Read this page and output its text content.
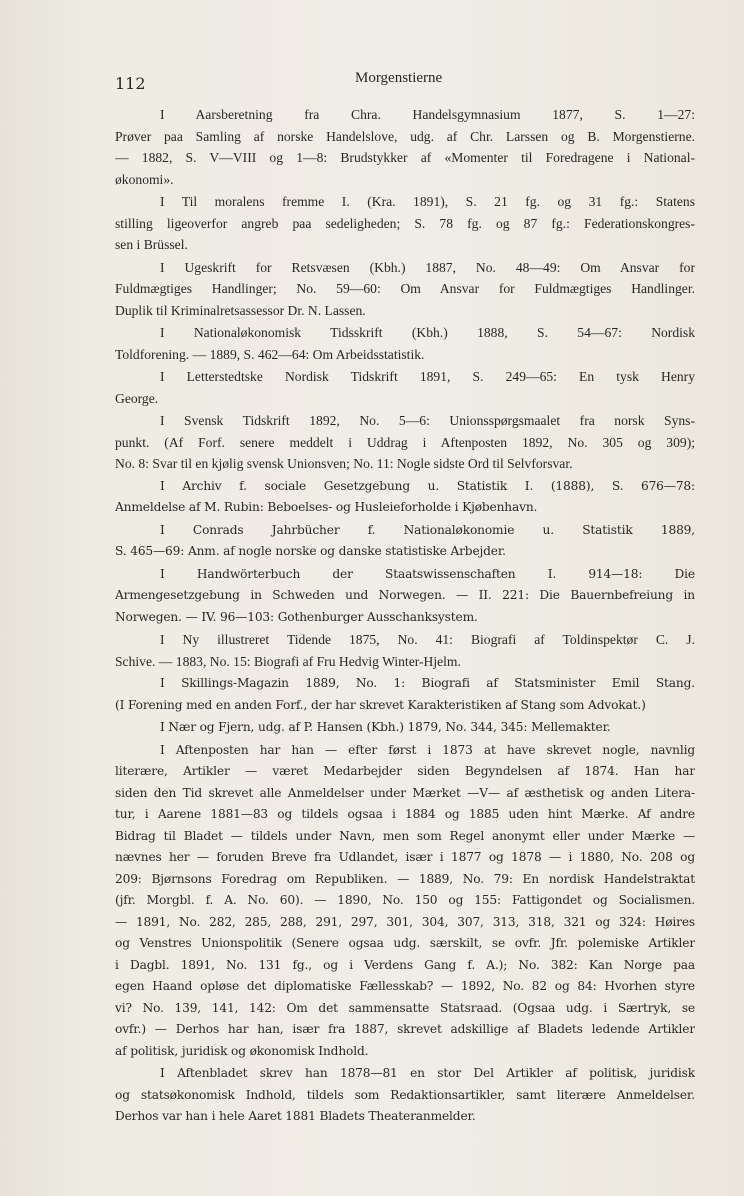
112	Morgenstierne
I Aarsberetning fra Chra. Handelsgymnasium 1877, S. 1—27:
Prøver paa Samling af norske Handelslove, udg. af Chr. Larssen og B. Morgenstierne.
— 1882, S. V—VIII og 1—8: Brudstykker af «Momenter til Foredragene i National-
økonomi».
I Til moralens fremme I. (Kra. 1891), S. 21 fg. og 31 fg.: Statens
stilling ligeoverfor angreb paa sedeligheden; S. 78 fg. og 87 fg.: Federationskongres-
sen i Brüssel.
I Ugeskrift for Retsvæsen (Kbh.) 1887, No. 48—49: Om Ansvar for
Fuldmægtiges Handlinger; No. 59—60: Om Ansvar for Fuldmægtiges Handlinger.
Duplik til Kriminalretsassessor Dr. N. Lassen.
I Nationaløkonomisk Tidsskrift (Kbh.) 1888, S. 54—67: Nordisk
Toldforening. — 1889, S. 462—64: Om Arbeidsstatistik.
I Letterstedtske Nordisk Tidskrift 1891, S. 249—65: En tysk Henry
George.
I Svensk Tidskrift 1892, No. 5—6: Unionsspørgsmaalet fra norsk Syns-
punkt. (Af Forf. senere meddelt i Uddrag i Aftenposten 1892, No. 305 og 309);
No. 8: Svar til en kjølig svensk Unionsven; No. 11: Nogle sidste Ord til Selvforsvar.
I Archiv f. sociale Gesetzgebung u. Statistik I. (1888), S. 676—78:
Anmeldelse af M. Rubin: Beboelses- og Husleieforholde i Kjøbenhavn.
I Conrads Jahrbücher f. Nationaløkonomie u. Statistik 1889,
S. 465—69: Anm. af nogle norske og danske statistiske Arbejder.
I Handwörterbuch der Staatswissenschaften I. 914—18: Die
Armengesetzgebung in Schweden und Norwegen. — II. 221: Die Bauernbefreiung in
Norwegen. — IV. 96—103: Gothenburger Ausschanksystem.
I Ny illustreret Tidende 1875, No. 41: Biografi af Toldinspektør C. J.
Schive. — 1883, No. 15: Biografi af Fru Hedvig Winter-Hjelm.
I Skillings-Magazin 1889, No. 1: Biografi af Statsminister Emil Stang.
(I Forening med en anden Forf., der har skrevet Karakteristiken af Stang som Advokat.)
I Nær og Fjern, udg. af P. Hansen (Kbh.) 1879, No. 344, 345: Mellemakter.
I Aftenposten har han — efter først i 1873 at have skrevet nogle, navnlig
literære, Artikler — været Medarbejder siden Begyndelsen af 1874. Han har
siden den Tid skrevet alle Anmeldelser under Mærket —V— af æsthetisk og anden Litera-
tur, i Aarene 1881—83 og tildels ogsaa i 1884 og 1885 uden hint Mærke. Af andre
Bidrag til Bladet — tildels under Navn, men som Regel anonymt eller under Mærke —
nævnes her — foruden Breve fra Udlandet, især i 1877 og 1878 — i 1880, No. 208 og
209: Bjørnsons Foredrag om Republiken. — 1889, No. 79: En nordisk Handelstraktat
(jfr. Morgbl. f. A. No. 60). — 1890, No. 150 og 155: Fattigondet og Socialismen.
— 1891, No. 282, 285, 288, 291, 297, 301, 304, 307, 313, 318, 321 og 324: Høires
og Venstres Unionspolitik (Senere ogsaa udg. særskilt, se ovfr. Jfr. polemiske Artikler
i Dagbl. 1891, No. 131 fg., og i Verdens Gang f. A.); No. 382: Kan Norge paa
egen Haand opløse det diplomatiske Fællesskab? — 1892, No. 82 og 84: Hvorhen styre
vi? No. 139, 141, 142: Om det sammensatte Statsraad. (Ogsaa udg. i Særtryk, se
ovfr.) — Derhos har han, især fra 1887, skrevet adskillige af Bladets ledende Artikler
af politisk, juridisk og økonomisk Indhold.
I Aftenbladet skrev han 1878—81 en stor Del Artikler af politisk, juridisk
og statsøkonomisk Indhold, tildels som Redaktionsartikler, samt literære Anmeldelser.
Derhos var han i hele Aaret 1881 Bladets Theateranmelder.
